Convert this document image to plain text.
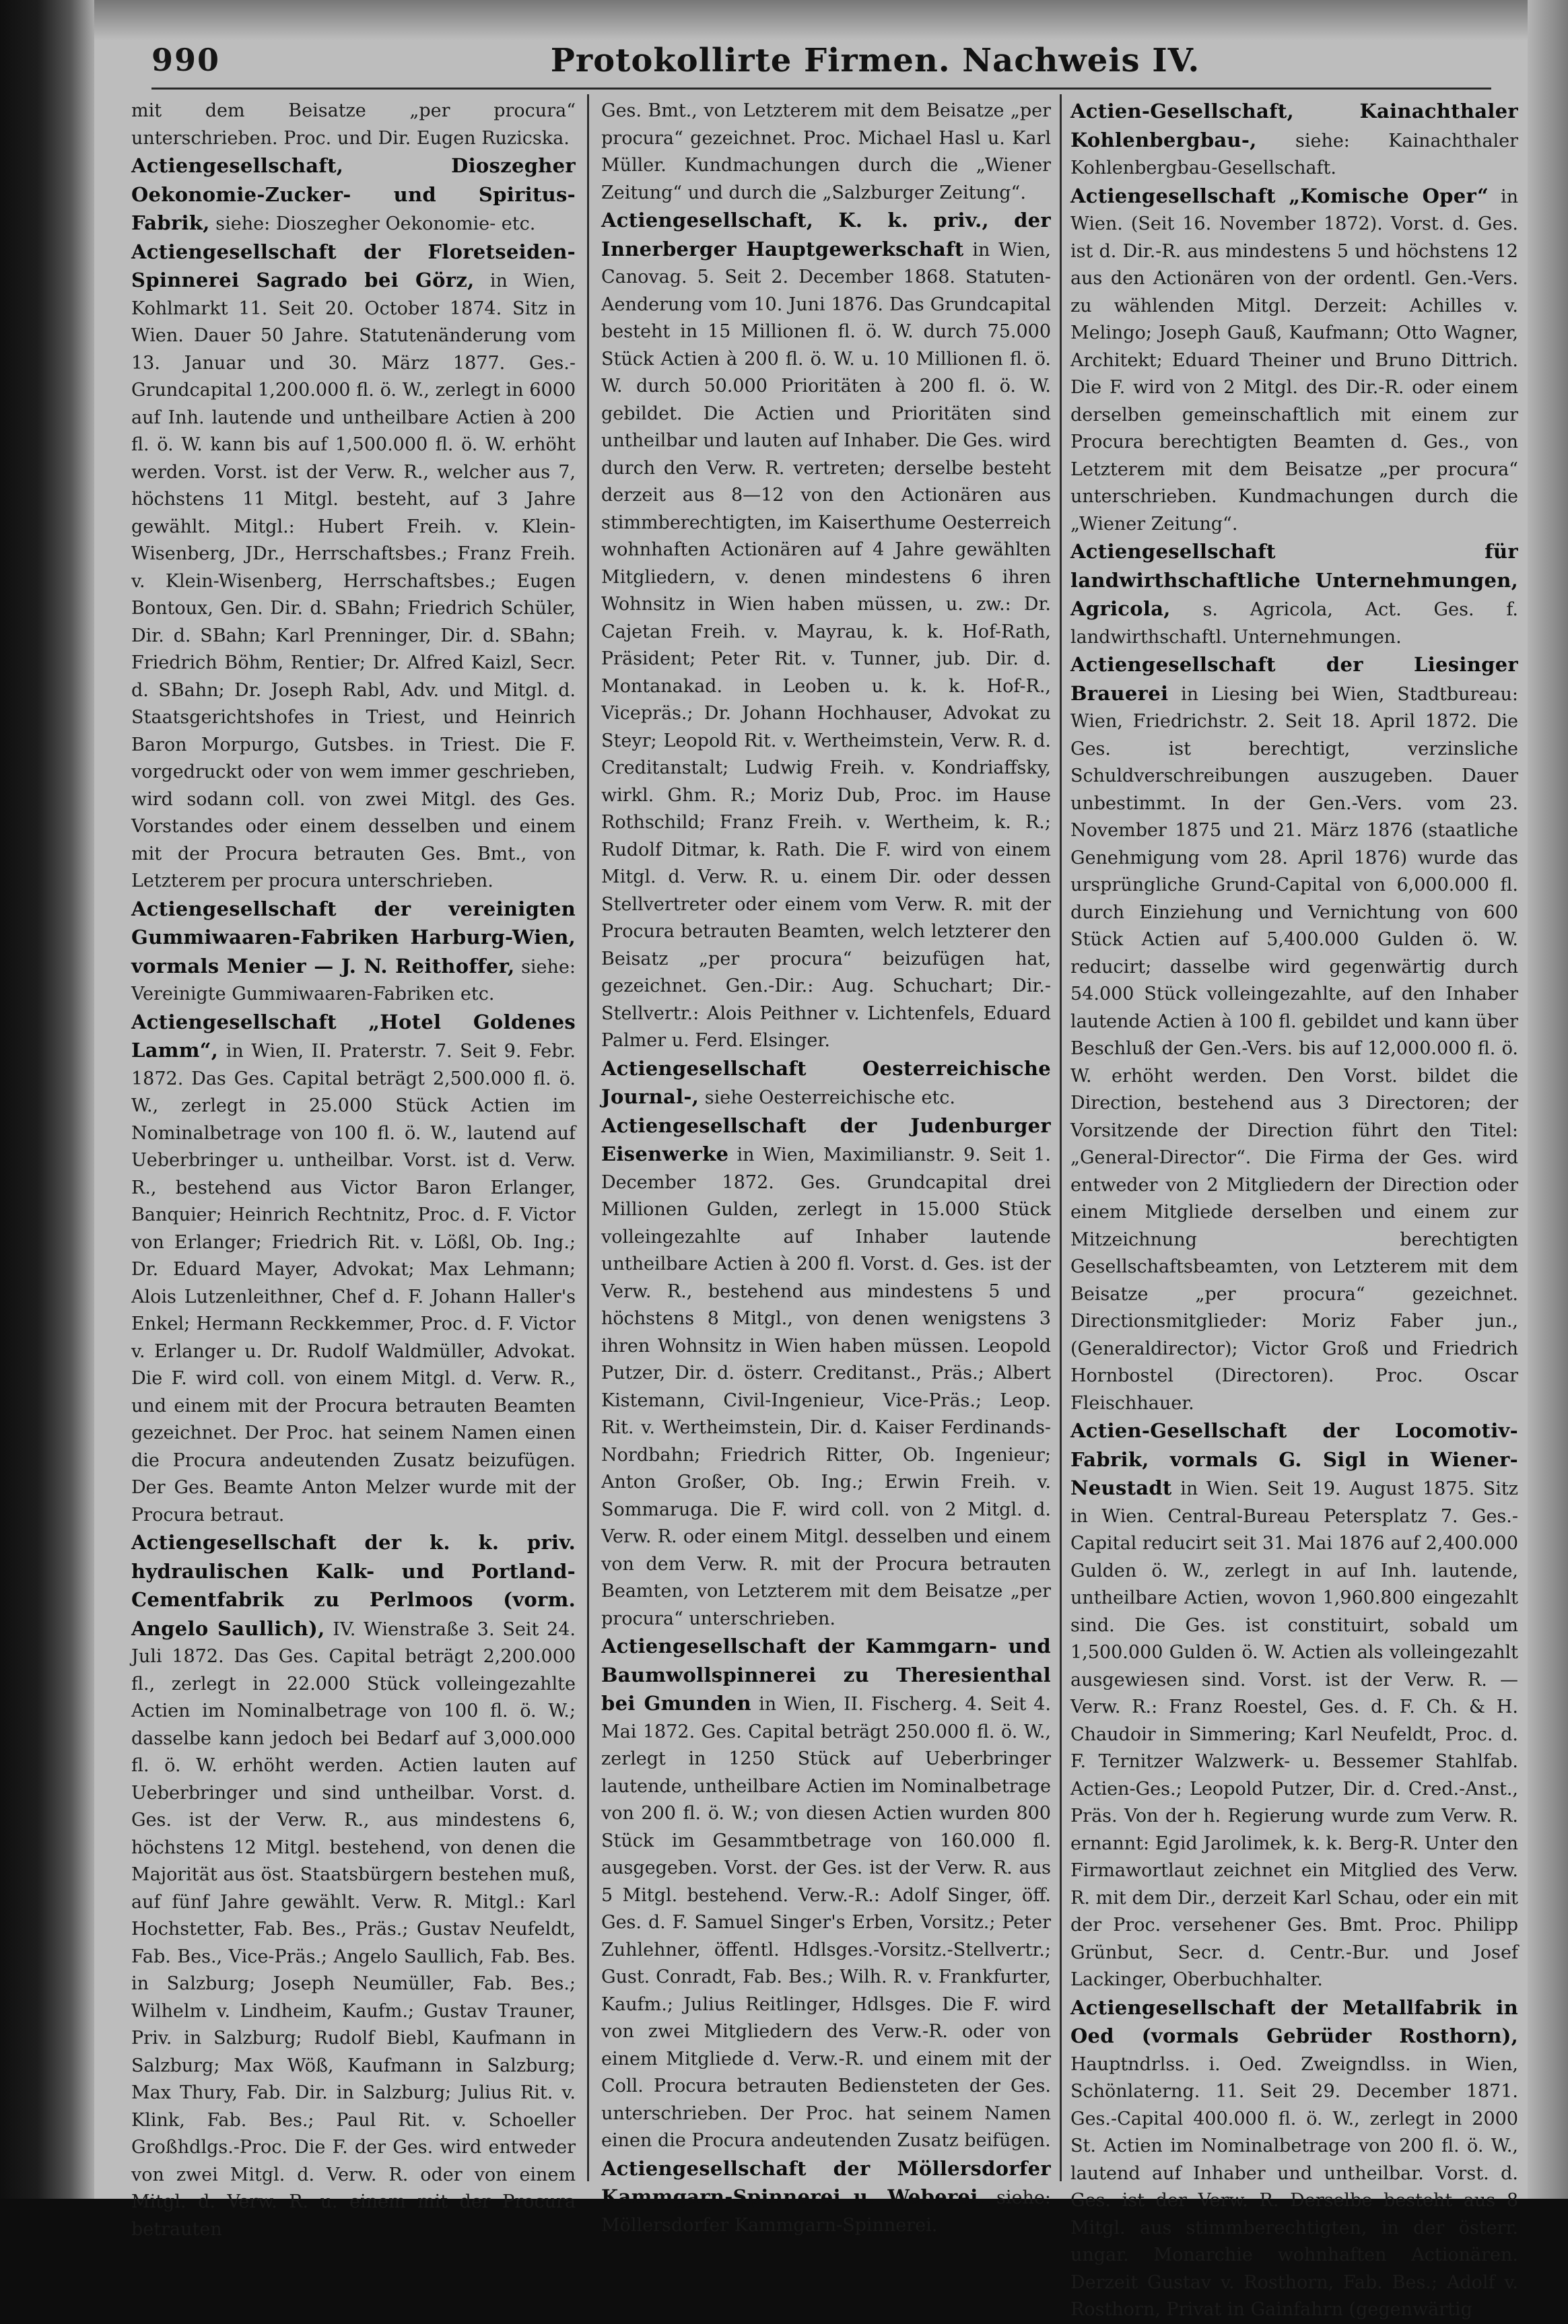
990	Protokollirte Firmen. Nachweis IV.

mit dem Beisatze „per procura“ unterschrieben. Proc. und Dir. Eugen Ruzicska.

Actiengesellschaft, Dioszegher Oekonomie-Zucker- und Spiritus-Fabrik, siehe: Dioszegher Oekonomie- etc.

Actiengesellschaft der Floretseiden-Spinnerei Sagrado bei Görz, in Wien, Kohlmarkt 11. Seit 20. October 1874. Sitz in Wien. Dauer 50 Jahre. Statutenänderung vom 13. Januar und 30. März 1877. Ges.-Grundcapital 1,200.000 fl. ö. W., zerlegt in 6000 auf Inh. lautende und untheilbare Actien à 200 fl. ö. W. kann bis auf 1,500.000 fl. ö. W. erhöht werden. Vorst. ist der Verw. R., welcher aus 7, höchstens 11 Mitgl. besteht, auf 3 Jahre gewählt. Mitgl.: Hubert Freih. v. Klein-Wisenberg, JDr., Herrschaftsbes.; Franz Freih. v. Klein-Wisenberg, Herrschaftsbes.; Eugen Bontoux, Gen. Dir. d. SBahn; Friedrich Schüler, Dir. d. SBahn; Karl Prenninger, Dir. d. SBahn; Friedrich Böhm, Rentier; Dr. Alfred Kaizl, Secr. d. SBahn; Dr. Joseph Rabl, Adv. und Mitgl. d. Staatsgerichtshofes in Triest, und Heinrich Baron Morpurgo, Gutsbes. in Triest. Die F. vorgedruckt oder von wem immer geschrieben, wird sodann coll. von zwei Mitgl. des Ges. Vorstandes oder einem desselben und einem mit der Procura betrauten Ges. Bmt., von Letzterem per procura unterschrieben.

Actiengesellschaft der vereinigten Gummiwaaren-Fabriken Harburg-Wien, vormals Menier — J. N. Reithoffer, siehe: Vereinigte Gummiwaaren-Fabriken etc.

Actiengesellschaft „Hotel Goldenes Lamm“, in Wien, II. Praterstr. 7. Seit 9. Febr. 1872. Das Ges. Capital beträgt 2,500.000 fl. ö. W., zerlegt in 25.000 Stück Actien im Nominalbetrage von 100 fl. ö. W., lautend auf Ueberbringer u. untheilbar. Vorst. ist d. Verw. R., bestehend aus Victor Baron Erlanger, Banquier; Heinrich Rechtnitz, Proc. d. F. Victor von Erlanger; Friedrich Rit. v. Lößl, Ob. Ing.; Dr. Eduard Mayer, Advokat; Max Lehmann; Alois Lutzenleithner, Chef d. F. Johann Haller's Enkel; Hermann Reckkemmer, Proc. d. F. Victor v. Erlanger u. Dr. Rudolf Waldmüller, Advokat. Die F. wird coll. von einem Mitgl. d. Verw. R., und einem mit der Procura betrauten Beamten gezeichnet. Der Proc. hat seinem Namen einen die Procura andeutenden Zusatz beizufügen. Der Ges. Beamte Anton Melzer wurde mit der Procura betraut.

Actiengesellschaft der k. k. priv. hydraulischen Kalk- und Portland-Cementfabrik zu Perlmoos (vorm. Angelo Saullich), IV. Wienstraße 3. Seit 24. Juli 1872. Das Ges. Capital beträgt 2,200.000 fl., zerlegt in 22.000 Stück volleingezahlte Actien im Nominalbetrage von 100 fl. ö. W.; dasselbe kann jedoch bei Bedarf auf 3,000.000 fl. ö. W. erhöht werden. Actien lauten auf Ueberbringer und sind untheilbar. Vorst. d. Ges. ist der Verw. R., aus mindestens 6, höchstens 12 Mitgl. bestehend, von denen die Majorität aus öst. Staatsbürgern bestehen muß, auf fünf Jahre gewählt. Verw. R. Mitgl.: Karl Hochstetter, Fab. Bes., Präs.; Gustav Neufeldt, Fab. Bes., Vice-Präs.; Angelo Saullich, Fab. Bes. in Salzburg; Joseph Neumüller, Fab. Bes.; Wilhelm v. Lindheim, Kaufm.; Gustav Trauner, Priv. in Salzburg; Rudolf Biebl, Kaufmann in Salzburg; Max Wöß, Kaufmann in Salzburg; Max Thury, Fab. Dir. in Salzburg; Julius Rit. v. Klink, Fab. Bes.; Paul Rit. v. Schoeller Großhdlgs.-Proc. Die F. der Ges. wird entweder von zwei Mitgl. d. Verw. R. oder von einem Mitgl. d. Verw. R. u. einem mit der Procura betrauten

Ges. Bmt., von Letzterem mit dem Beisatze „per procura“ gezeichnet. Proc. Michael Hasl u. Karl Müller. Kundmachungen durch die „Wiener Zeitung“ und durch die „Salzburger Zeitung“.

Actiengesellschaft, K. k. priv., der Innerberger Hauptgewerkschaft in Wien, Canovag. 5. Seit 2. December 1868. Statuten-Aenderung vom 10. Juni 1876. Das Grundcapital besteht in 15 Millionen fl. ö. W. durch 75.000 Stück Actien à 200 fl. ö. W. u. 10 Millionen fl. ö. W. durch 50.000 Prioritäten à 200 fl. ö. W. gebildet. Die Actien und Prioritäten sind untheilbar und lauten auf Inhaber. Die Ges. wird durch den Verw. R. vertreten; derselbe besteht derzeit aus 8—12 von den Actionären aus stimmberechtigten, im Kaiserthume Oesterreich wohnhaften Actionären auf 4 Jahre gewählten Mitgliedern, v. denen mindestens 6 ihren Wohnsitz in Wien haben müssen, u. zw.: Dr. Cajetan Freih. v. Mayrau, k. k. Hof-Rath, Präsident; Peter Rit. v. Tunner, jub. Dir. d. Montanakad. in Leoben u. k. k. Hof-R., Vicepräs.; Dr. Johann Hochhauser, Advokat zu Steyr; Leopold Rit. v. Wertheimstein, Verw. R. d. Creditanstalt; Ludwig Freih. v. Kondriaffsky, wirkl. Ghm. R.; Moriz Dub, Proc. im Hause Rothschild; Franz Freih. v. Wertheim, k. R.; Rudolf Ditmar, k. Rath. Die F. wird von einem Mitgl. d. Verw. R. u. einem Dir. oder dessen Stellvertreter oder einem vom Verw. R. mit der Procura betrauten Beamten, welch letzterer den Beisatz „per procura“ beizufügen hat, gezeichnet. Gen.-Dir.: Aug. Schuchart; Dir.-Stellvertr.: Alois Peithner v. Lichtenfels, Eduard Palmer u. Ferd. Elsinger.

Actiengesellschaft Oesterreichische Journal-, siehe Oesterreichische etc.

Actiengesellschaft der Judenburger Eisenwerke in Wien, Maximilianstr. 9. Seit 1. December 1872. Ges. Grundcapital drei Millionen Gulden, zerlegt in 15.000 Stück volleingezahlte auf Inhaber lautende untheilbare Actien à 200 fl. Vorst. d. Ges. ist der Verw. R., bestehend aus mindestens 5 und höchstens 8 Mitgl., von denen wenigstens 3 ihren Wohnsitz in Wien haben müssen. Leopold Putzer, Dir. d. österr. Creditanst., Präs.; Albert Kistemann, Civil-Ingenieur, Vice-Präs.; Leop. Rit. v. Wertheimstein, Dir. d. Kaiser Ferdinands-Nordbahn; Friedrich Ritter, Ob. Ingenieur; Anton Großer, Ob. Ing.; Erwin Freih. v. Sommaruga. Die F. wird coll. von 2 Mitgl. d. Verw. R. oder einem Mitgl. desselben und einem von dem Verw. R. mit der Procura betrauten Beamten, von Letzterem mit dem Beisatze „per procura“ unterschrieben.

Actiengesellschaft der Kammgarn- und Baumwollspinnerei zu Theresienthal bei Gmunden in Wien, II. Fischerg. 4. Seit 4. Mai 1872. Ges. Capital beträgt 250.000 fl. ö. W., zerlegt in 1250 Stück auf Ueberbringer lautende, untheilbare Actien im Nominalbetrage von 200 fl. ö. W.; von diesen Actien wurden 800 Stück im Gesammtbetrage von 160.000 fl. ausgegeben. Vorst. der Ges. ist der Verw. R. aus 5 Mitgl. bestehend. Verw.-R.: Adolf Singer, öff. Ges. d. F. Samuel Singer's Erben, Vorsitz.; Peter Zuhlehner, öffentl. Hdlsges.-Vorsitz.-Stellvertr.; Gust. Conradt, Fab. Bes.; Wilh. R. v. Frankfurter, Kaufm.; Julius Reitlinger, Hdlsges. Die F. wird von zwei Mitgliedern des Verw.-R. oder von einem Mitgliede d. Verw.-R. und einem mit der Coll. Procura betrauten Bediensteten der Ges. unterschrieben. Der Proc. hat seinem Namen einen die Procura andeutenden Zusatz beifügen.

Actiengesellschaft der Möllersdorfer Kammgarn-Spinnerei u. Weberei, siehe: Möllersdorfer Kammgarn-Spinnerei.

Actien-Gesellschaft, Kainachthaler Kohlenbergbau-, siehe: Kainachthaler Kohlenbergbau-Gesellschaft.

Actiengesellschaft „Komische Oper“ in Wien. (Seit 16. November 1872). Vorst. d. Ges. ist d. Dir.-R. aus mindestens 5 und höchstens 12 aus den Actionären von der ordentl. Gen.-Vers. zu wählenden Mitgl. Derzeit: Achilles v. Melingo; Joseph Gauß, Kaufmann; Otto Wagner, Architekt; Eduard Theiner und Bruno Dittrich. Die F. wird von 2 Mitgl. des Dir.-R. oder einem derselben gemeinschaftlich mit einem zur Procura berechtigten Beamten d. Ges., von Letzterem mit dem Beisatze „per procura“ unterschrieben. Kundmachungen durch die „Wiener Zeitung“.

Actiengesellschaft für landwirthschaftliche Unternehmungen, Agricola, s. Agricola, Act. Ges. f. landwirthschaftl. Unternehmungen.

Actiengesellschaft der Liesinger Brauerei in Liesing bei Wien, Stadtbureau: Wien, Friedrichstr. 2. Seit 18. April 1872. Die Ges. ist berechtigt, verzinsliche Schuldverschreibungen auszugeben. Dauer unbestimmt. In der Gen.-Vers. vom 23. November 1875 und 21. März 1876 (staatliche Genehmigung vom 28. April 1876) wurde das ursprüngliche Grund-Capital von 6,000.000 fl. durch Einziehung und Vernichtung von 600 Stück Actien auf 5,400.000 Gulden ö. W. reducirt; dasselbe wird gegenwärtig durch 54.000 Stück volleingezahlte, auf den Inhaber lautende Actien à 100 fl. gebildet und kann über Beschluß der Gen.-Vers. bis auf 12,000.000 fl. ö. W. erhöht werden. Den Vorst. bildet die Direction, bestehend aus 3 Directoren; der Vorsitzende der Direction führt den Titel: „General-Director“. Die Firma der Ges. wird entweder von 2 Mitgliedern der Direction oder einem Mitgliede derselben und einem zur Mitzeichnung berechtigten Gesellschaftsbeamten, von Letzterem mit dem Beisatze „per procura“ gezeichnet. Directionsmitglieder: Moriz Faber jun., (Generaldirector); Victor Groß und Friedrich Hornbostel (Directoren). Proc. Oscar Fleischhauer.

Actien-Gesellschaft der Locomotiv-Fabrik, vormals G. Sigl in Wiener-Neustadt in Wien. Seit 19. August 1875. Sitz in Wien. Central-Bureau Petersplatz 7. Ges.-Capital reducirt seit 31. Mai 1876 auf 2,400.000 Gulden ö. W., zerlegt in auf Inh. lautende, untheilbare Actien, wovon 1,960.800 eingezahlt sind. Die Ges. ist constituirt, sobald um 1,500.000 Gulden ö. W. Actien als volleingezahlt ausgewiesen sind. Vorst. ist der Verw. R. — Verw. R.: Franz Roestel, Ges. d. F. Ch. & H. Chaudoir in Simmering; Karl Neufeldt, Proc. d. F. Ternitzer Walzwerk- u. Bessemer Stahlfab. Actien-Ges.; Leopold Putzer, Dir. d. Cred.-Anst., Präs. Von der h. Regierung wurde zum Verw. R. ernannt: Egid Jarolimek, k. k. Berg-R. Unter den Firmawortlaut zeichnet ein Mitglied des Verw. R. mit dem Dir., derzeit Karl Schau, oder ein mit der Proc. versehener Ges. Bmt. Proc. Philipp Grünbut, Secr. d. Centr.-Bur. und Josef Lackinger, Oberbuchhalter.

Actiengesellschaft der Metallfabrik in Oed (vormals Gebrüder Rosthorn), Hauptndrlss. i. Oed. Zweigndlss. in Wien, Schönlaterng. 11. Seit 29. December 1871. Ges.-Capital 400.000 fl. ö. W., zerlegt in 2000 St. Actien im Nominalbetrage von 200 fl. ö. W., lautend auf Inhaber und untheilbar. Vorst. d. Ges. ist der Verw. R. Derselbe besteht aus 8 Mitgl. aus stimmberechtigten, in der österr. ungar. Monarchie wohnhaften Actionären. Derzeit Gustav v. Rosthorn, Fab. Bes.; Adolf v. Rosthorn, Privat in Gainfahrn (gegenwärtig
